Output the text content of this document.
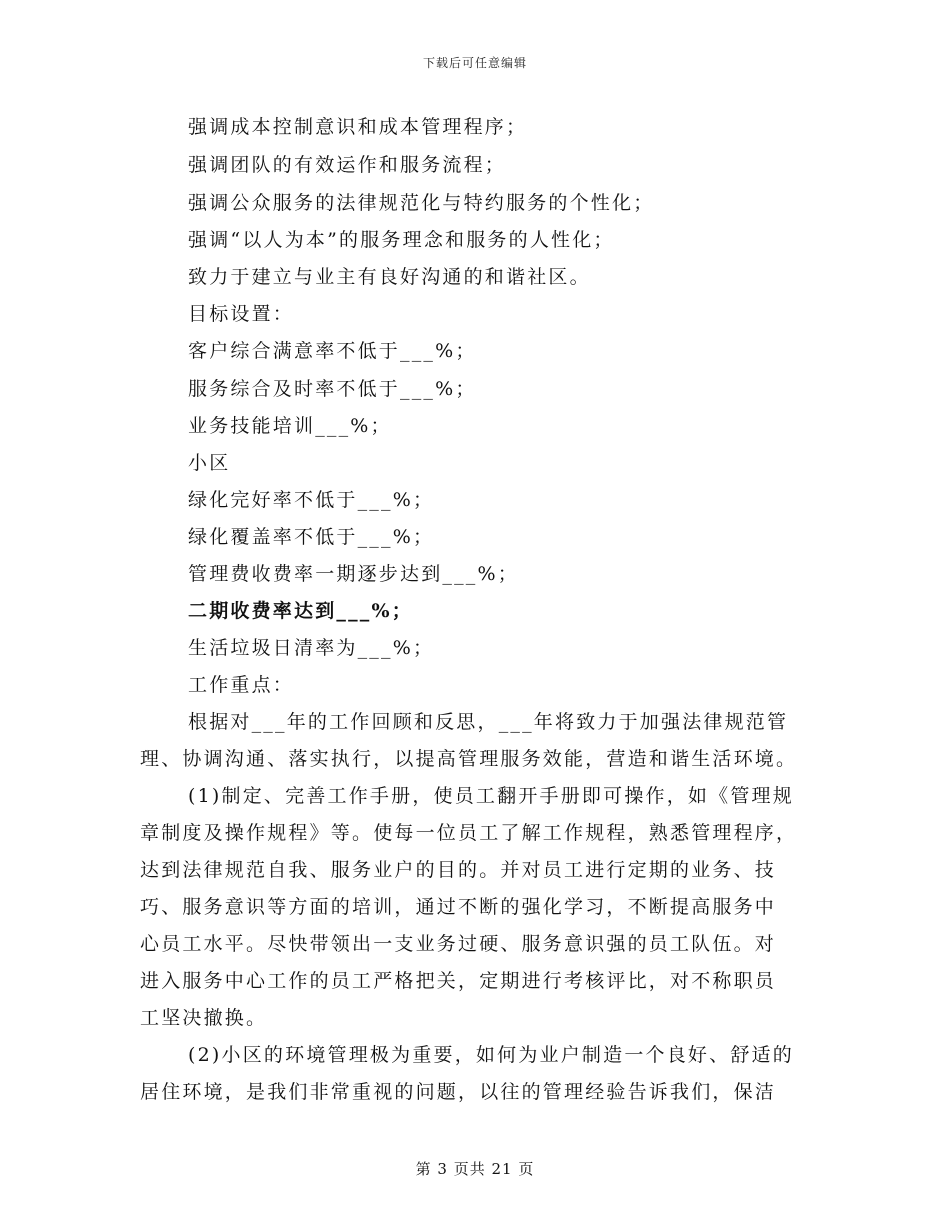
下载后可任意编辑
强调成本控制意识和成本管理程序；
强调团队的有效运作和服务流程；
强调公众服务的法律规范化与特约服务的个性化；
强调“以人为本”的服务理念和服务的人性化；
致力于建立与业主有良好沟通的和谐社区。
目标设置：
客户综合满意率不低于___%；
服务综合及时率不低于___%；
业务技能培训___%；
小区
绿化完好率不低于___%；
绿化覆盖率不低于___%；
管理费收费率一期逐步达到___%；
二期收费率达到___%；
生活垃圾日清率为___%；
工作重点：
根据对___年的工作回顾和反思，___年将致力于加强法律规范管
理、协调沟通、落实执行，以提高管理服务效能，营造和谐生活环境。
(1)制定、完善工作手册，使员工翻开手册即可操作，如《管理规
章制度及操作规程》等。使每一位员工了解工作规程，熟悉管理程序，
达到法律规范自我、服务业户的目的。并对员工进行定期的业务、技
巧、服务意识等方面的培训，通过不断的强化学习，不断提高服务中
心员工水平。尽快带领出一支业务过硬、服务意识强的员工队伍。对
进入服务中心工作的员工严格把关，定期进行考核评比，对不称职员
工坚决撤换。
(2)小区的环境管理极为重要，如何为业户制造一个良好、舒适的
居住环境，是我们非常重视的问题，以往的管理经验告诉我们，保洁
第 3 页共 21 页
